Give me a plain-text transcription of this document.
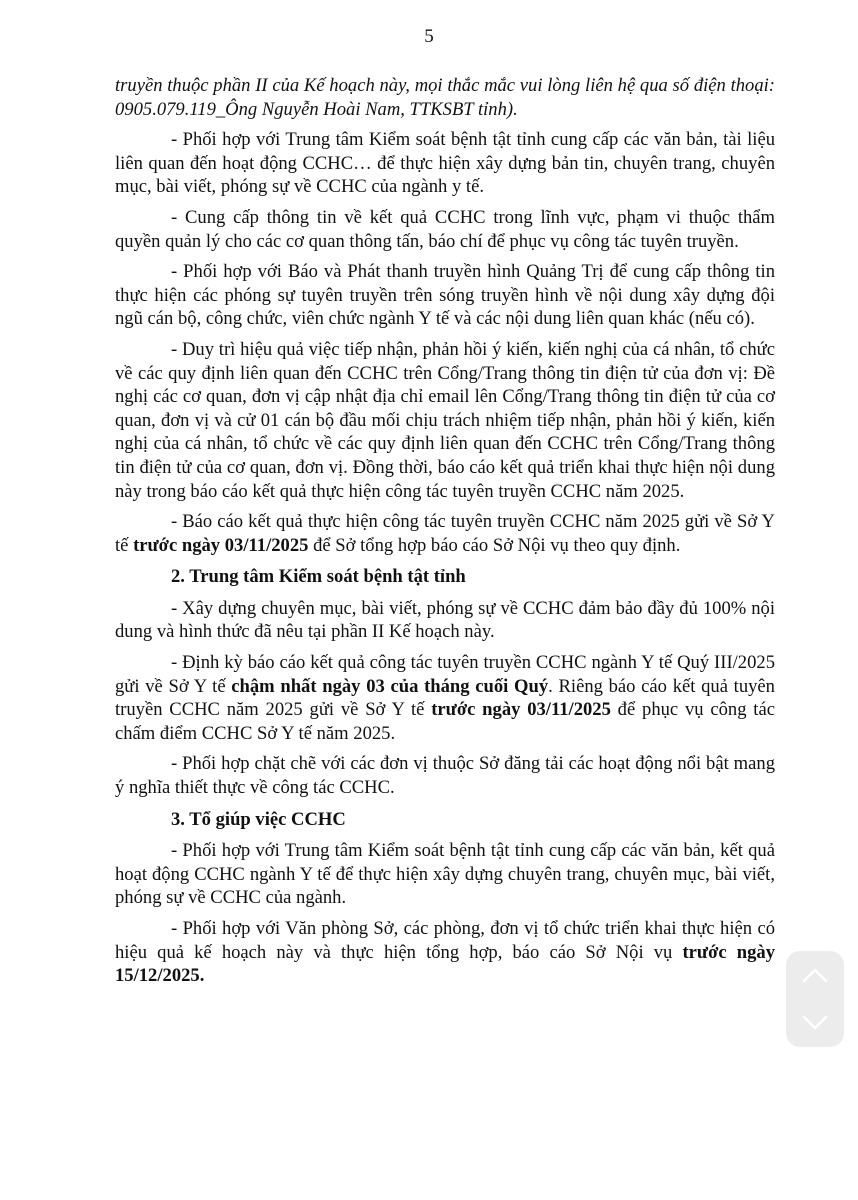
5

truyền thuộc phần II của Kế hoạch này, mọi thắc mắc vui lòng liên hệ qua số điện thoại: 0905.079.119_Ông Nguyễn Hoài Nam, TTKSBT tỉnh).

- Phối hợp với Trung tâm Kiểm soát bệnh tật tỉnh cung cấp các văn bản, tài liệu liên quan đến hoạt động CCHC… để thực hiện xây dựng bản tin, chuyên trang, chuyên mục, bài viết, phóng sự về CCHC của ngành y tế.

- Cung cấp thông tin về kết quả CCHC trong lĩnh vực, phạm vi thuộc thẩm quyền quản lý cho các cơ quan thông tấn, báo chí để phục vụ công tác tuyên truyền.

- Phối hợp với Báo và Phát thanh truyền hình Quảng Trị để cung cấp thông tin thực hiện các phóng sự tuyên truyền trên sóng truyền hình về nội dung xây dựng đội ngũ cán bộ, công chức, viên chức ngành Y tế và các nội dung liên quan khác (nếu có).

- Duy trì hiệu quả việc tiếp nhận, phản hồi ý kiến, kiến nghị của cá nhân, tổ chức về các quy định liên quan đến CCHC trên Cổng/Trang thông tin điện tử của đơn vị: Đề nghị các cơ quan, đơn vị cập nhật địa chỉ email lên Cổng/Trang thông tin điện tử của cơ quan, đơn vị và cử 01 cán bộ đầu mối chịu trách nhiệm tiếp nhận, phản hồi ý kiến, kiến nghị của cá nhân, tổ chức về các quy định liên quan đến CCHC trên Cổng/Trang thông tin điện tử của cơ quan, đơn vị. Đồng thời, báo cáo kết quả triển khai thực hiện nội dung này trong báo cáo kết quả thực hiện công tác tuyên truyền CCHC năm 2025.

- Báo cáo kết quả thực hiện công tác tuyên truyền CCHC năm 2025 gửi về Sở Y tế trước ngày 03/11/2025 để Sở tổng hợp báo cáo Sở Nội vụ theo quy định.

2. Trung tâm Kiểm soát bệnh tật tỉnh

- Xây dựng chuyên mục, bài viết, phóng sự về CCHC đảm bảo đầy đủ 100% nội dung và hình thức đã nêu tại phần II Kế hoạch này.

- Định kỳ báo cáo kết quả công tác tuyên truyền CCHC ngành Y tế Quý III/2025 gửi về Sở Y tế chậm nhất ngày 03 của tháng cuối Quý. Riêng báo cáo kết quả tuyên truyền CCHC năm 2025 gửi về Sở Y tế trước ngày 03/11/2025 để phục vụ công tác chấm điểm CCHC Sở Y tế năm 2025.

- Phối hợp chặt chẽ với các đơn vị thuộc Sở đăng tải các hoạt động nổi bật mang ý nghĩa thiết thực về công tác CCHC.

3. Tổ giúp việc CCHC

- Phối hợp với Trung tâm Kiểm soát bệnh tật tỉnh cung cấp các văn bản, kết quả hoạt động CCHC ngành Y tế để thực hiện xây dựng chuyên trang, chuyên mục, bài viết, phóng sự về CCHC của ngành.

- Phối hợp với Văn phòng Sở, các phòng, đơn vị tổ chức triển khai thực hiện có hiệu quả kế hoạch này và thực hiện tổng hợp, báo cáo Sở Nội vụ trước ngày 15/12/2025.
